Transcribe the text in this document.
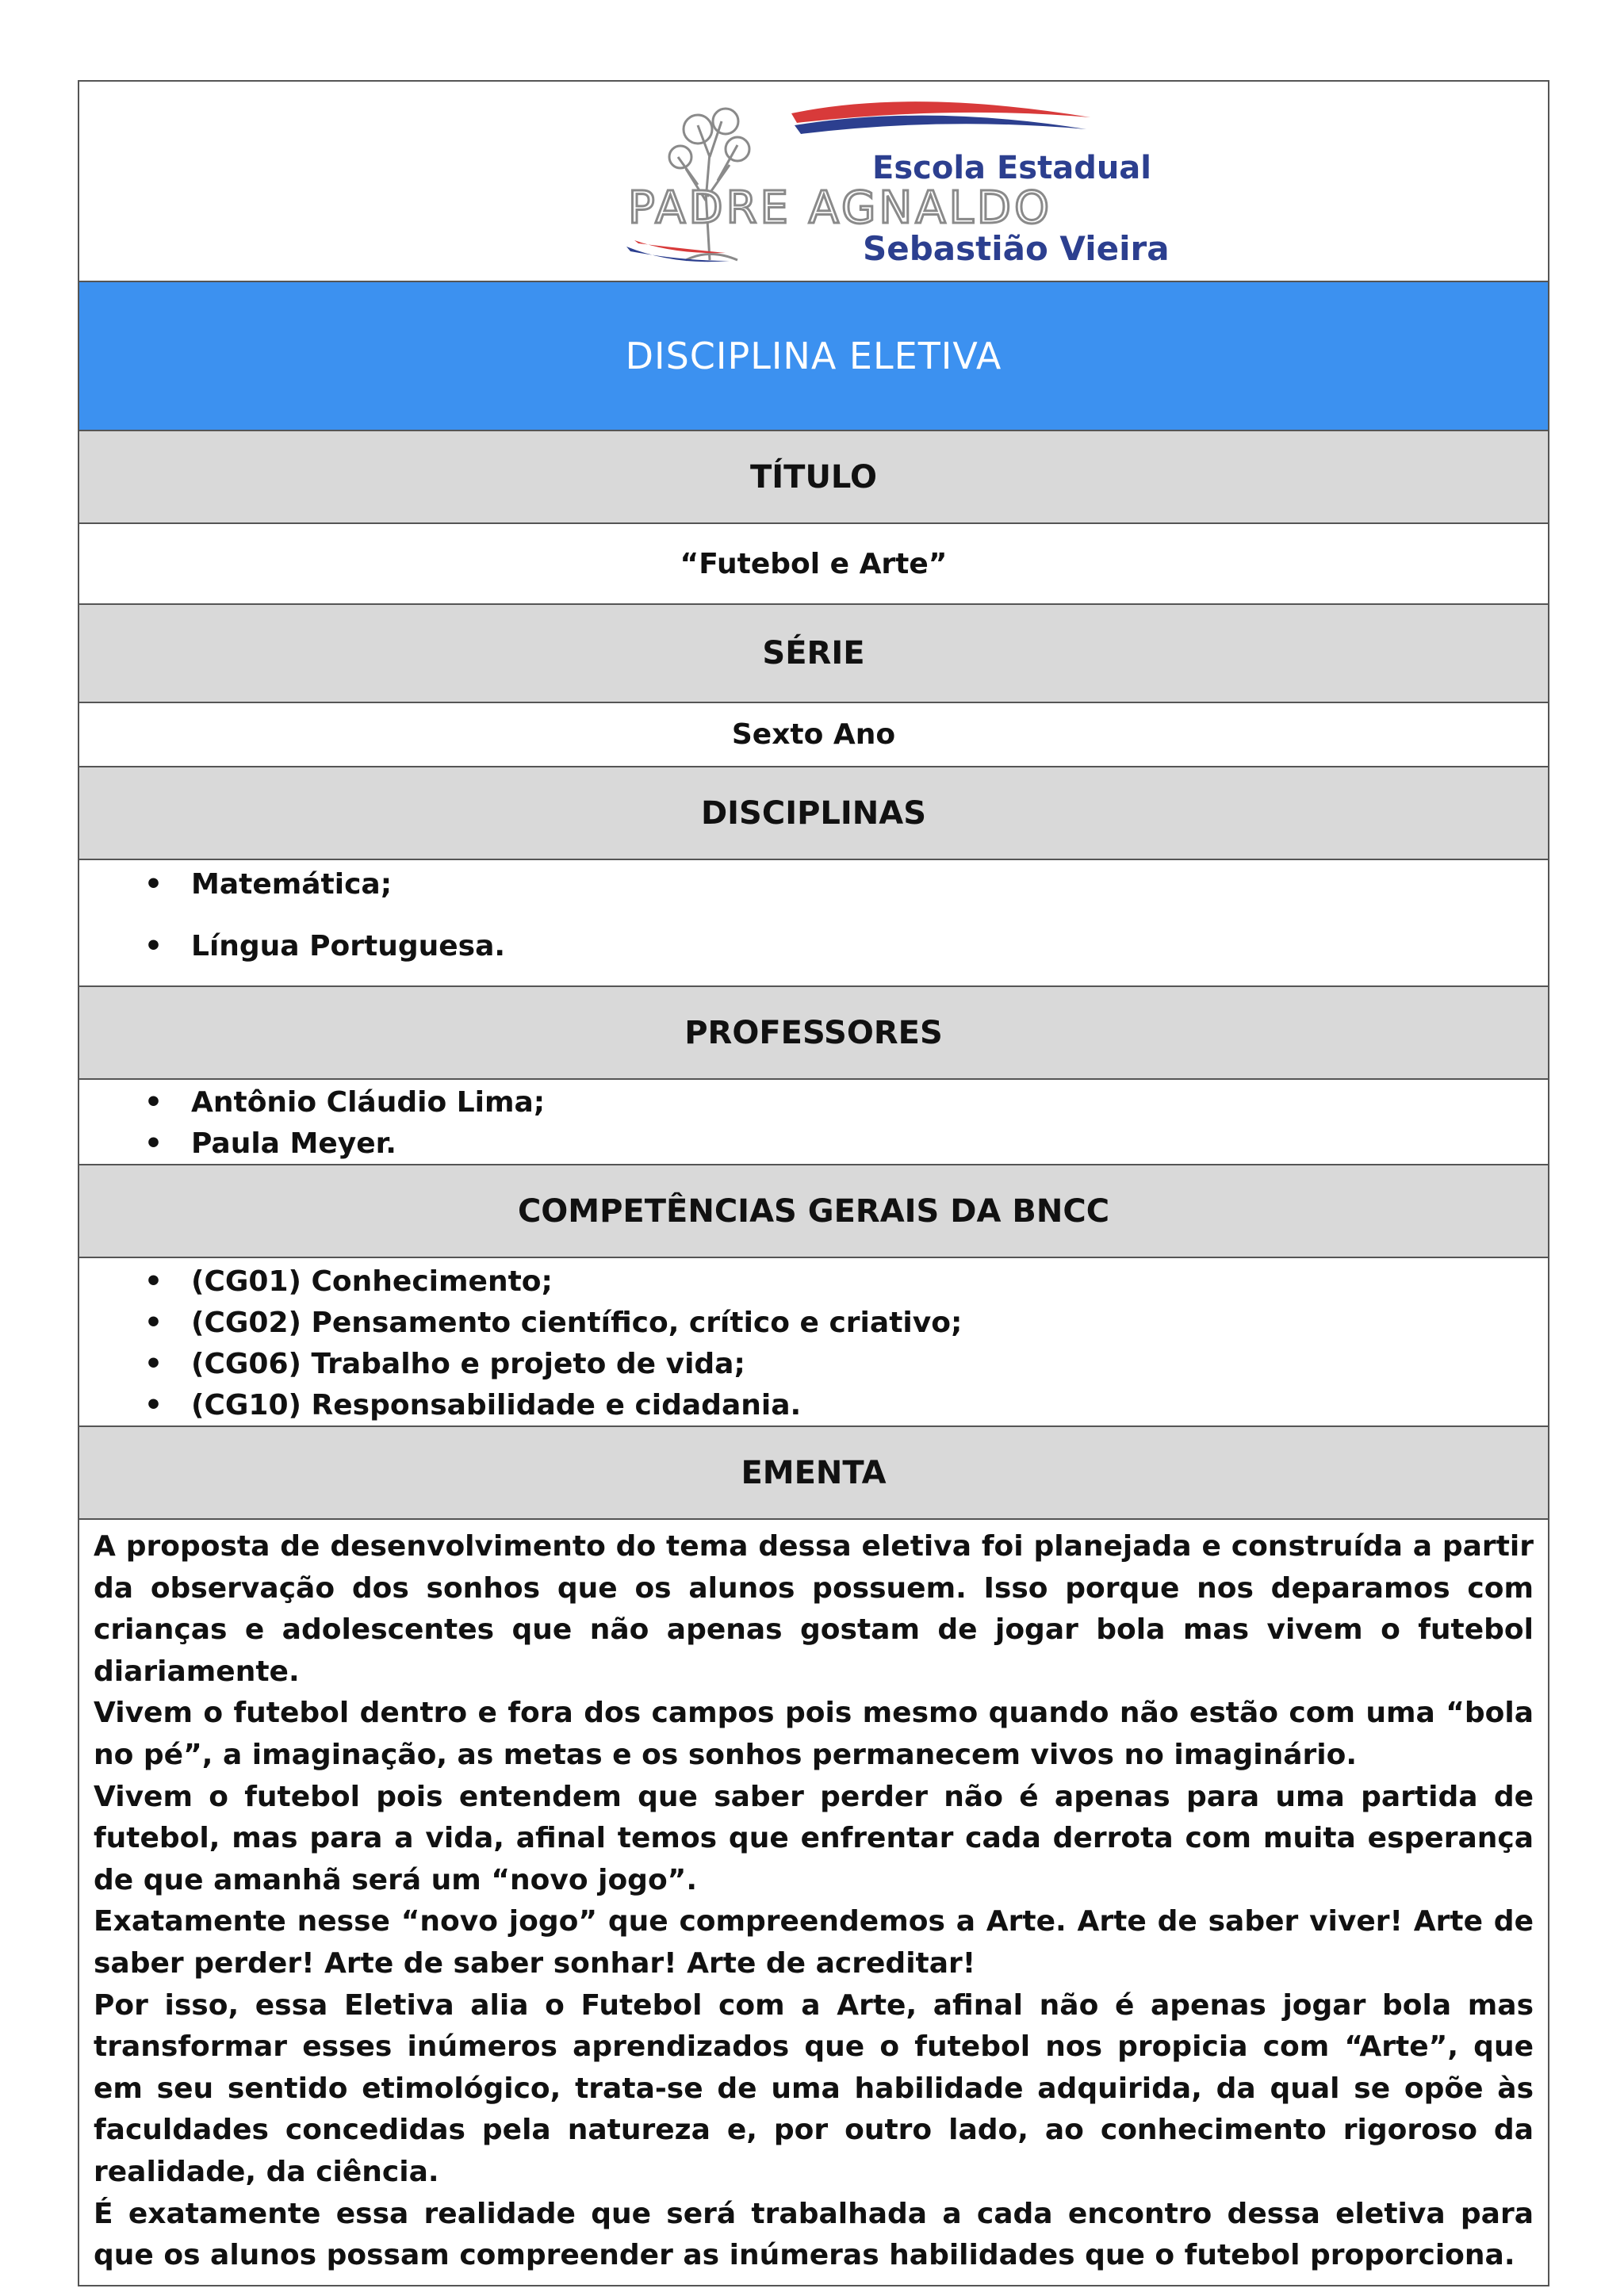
Escola Estadual
PADRE AGNALDO
Sebastião Vieira
DISCIPLINA ELETIVA
TÍTULO
“Futebol e Arte”
SÉRIE
Sexto Ano
DISCIPLINAS
• Matemática;
• Língua Portuguesa.
PROFESSORES
• Antônio Cláudio Lima;
• Paula Meyer.
COMPETÊNCIAS GERAIS DA BNCC
• (CG01) Conhecimento;
• (CG02) Pensamento científico, crítico e criativo;
• (CG06) Trabalho e projeto de vida;
• (CG10) Responsabilidade e cidadania.
EMENTA

A proposta de desenvolvimento do tema dessa eletiva foi planejada e construída a partir da observação dos sonhos que os alunos possuem. Isso porque nos deparamos com crianças e adolescentes que não apenas gostam de jogar bola mas vivem o futebol diariamente.

Vivem o futebol dentro e fora dos campos pois mesmo quando não estão com uma “bola no pé”, a imaginação, as metas e os sonhos permanecem vivos no imaginário.

Vivem o futebol pois entendem que saber perder não é apenas para uma partida de futebol, mas para a vida, afinal temos que enfrentar cada derrota com muita esperança de que amanhã será um “novo jogo”.

Exatamente nesse “novo jogo” que compreendemos a Arte. Arte de saber viver! Arte de saber perder! Arte de saber sonhar! Arte de acreditar!

Por isso, essa Eletiva alia o Futebol com a Arte, afinal não é apenas jogar bola mas transformar esses inúmeros aprendizados que o futebol nos propicia com “Arte”, que em seu sentido etimológico, trata-se de uma habilidade adquirida, da qual se opõe às faculdades concedidas pela natureza e, por outro lado, ao conhecimento rigoroso da realidade, da ciência.

É exatamente essa realidade que será trabalhada a cada encontro dessa eletiva para que os alunos possam compreender as inúmeras habilidades que o futebol proporciona.
